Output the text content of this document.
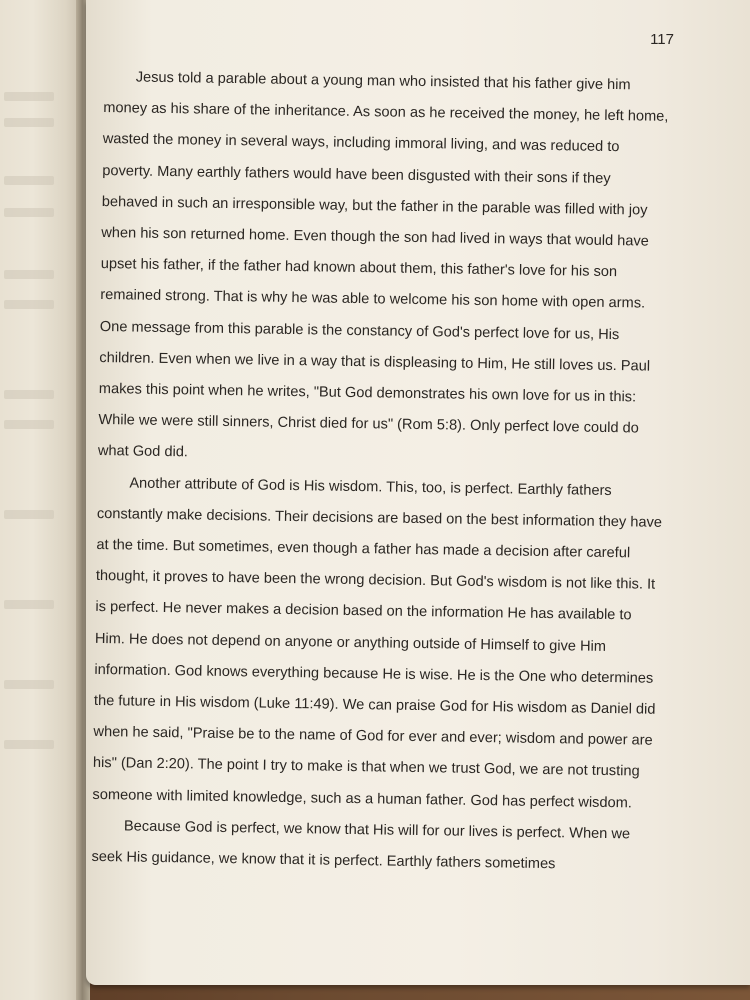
117

Jesus told a parable about a young man who insisted that his father give him money as his share of the inheritance. As soon as he received the money, he left home, wasted the money in several ways, including immoral living, and was reduced to poverty. Many earthly fathers would have been disgusted with their sons if they behaved in such an irresponsible way, but the father in the parable was filled with joy when his son returned home. Even though the son had lived in ways that would have upset his father, if the father had known about them, this father's love for his son remained strong. That is why he was able to welcome his son home with open arms. One message from this parable is the constancy of God's perfect love for us, His children. Even when we live in a way that is displeasing to Him, He still loves us. Paul makes this point when he writes, "But God demonstrates his own love for us in this: While we were still sinners, Christ died for us" (Rom 5:8). Only perfect love could do what God did.

Another attribute of God is His wisdom. This, too, is perfect. Earthly fathers constantly make decisions. Their decisions are based on the best information they have at the time. But sometimes, even though a father has made a decision after careful thought, it proves to have been the wrong decision. But God's wisdom is not like this. It is perfect. He never makes a decision based on the information He has available to Him. He does not depend on anyone or anything outside of Himself to give Him information. God knows everything because He is wise. He is the One who determines the future in His wisdom (Luke 11:49). We can praise God for His wisdom as Daniel did when he said, "Praise be to the name of God for ever and ever; wisdom and power are his" (Dan 2:20). The point I try to make is that when we trust God, we are not trusting someone with limited knowledge, such as a human father. God has perfect wisdom.

Because God is perfect, we know that His will for our lives is perfect. When we seek His guidance, we know that it is perfect. Earthly fathers sometimes
